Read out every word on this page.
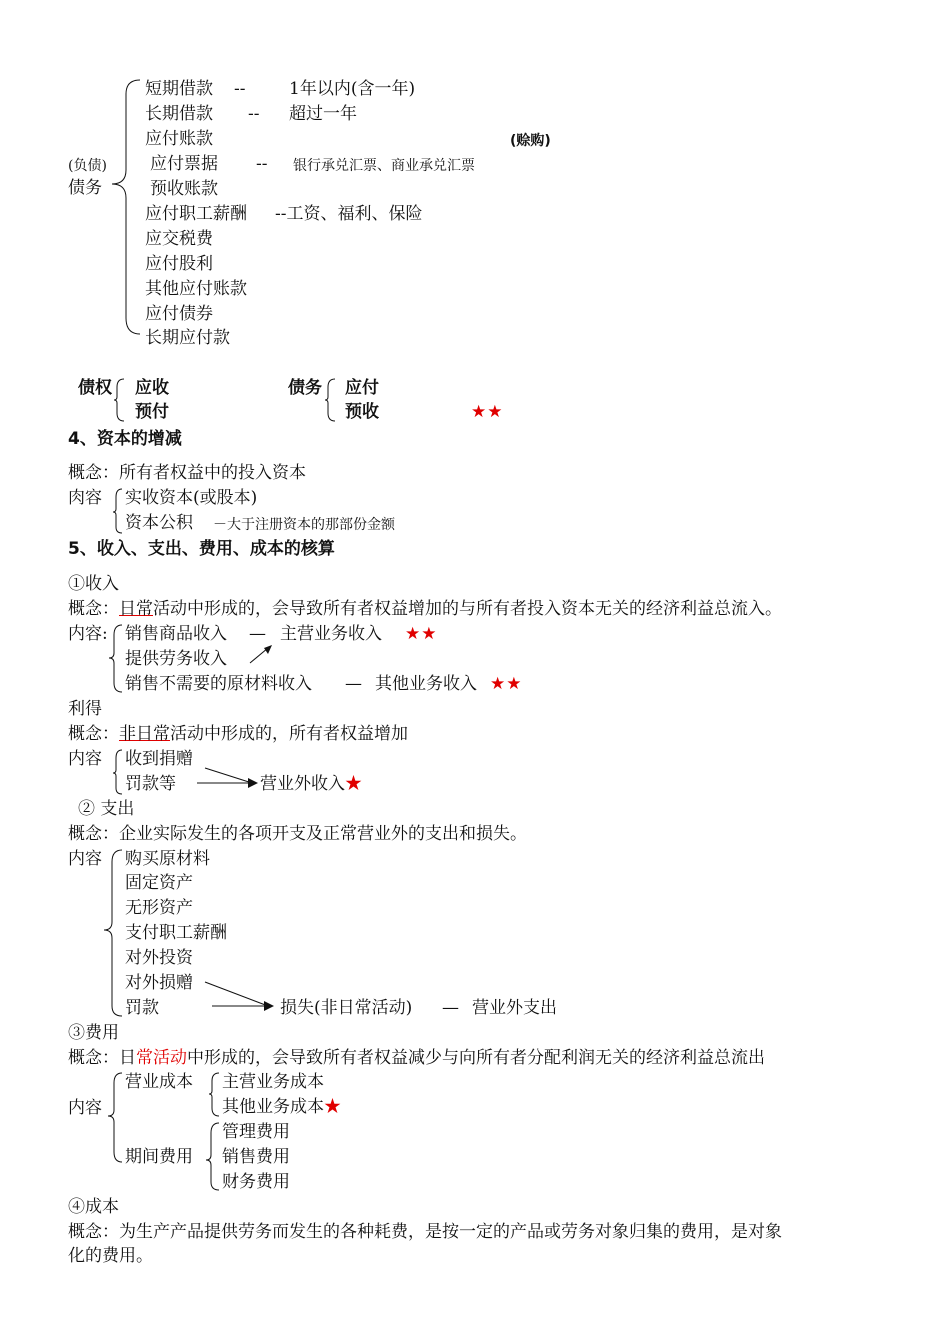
(负债)
债务
短期借款 --	1年以内(含一年)
长期借款 -- 超过一年
应付账款	(赊购)
应付票据 -- 银行承兑汇票、商业承兑汇票
预收账款
应付职工薪酬 --工资、福利、保险
应交税费
应付股利
其他应付账款
应付债券
长期应付款
债权 应收
预付
债务 应付
预收	★★
4、资本的增减
概念：所有者权益中的投入资本
肉容 实收资本(或股本)
资本公积 －大于注册资本的那部份金额
5、收入、支出、费用、成本的核算
①收入
概念：日常活动中形成的，会导致所有者权益增加的与所有者投入资本无关的经济利益总流入。
内容: 销售商品收入 — 主营业务收入 ★★
提供劳务收入
销售不需要的原材料收入 — 其他业务收入 ★★
利得
概念：非日常活动中形成的，所有者权益增加
内容 收到捐赠
罚款等	营业外收入★
② 支出
概念：企业实际发生的各项开支及正常营业外的支出和损失。
内容 购买原材料
固定资产
无形资产
支付职工薪酬
对外投资
对外损赠
罚款	损失(非日常活动) — 营业外支出
③费用
概念：日常活动中形成的，会导致所有者权益减少与向所有者分配利润无关的经济利益总流出
内容
营业成本 主营业务成本
其他业务成本★
期间费用
管理费用
销售费用
财务费用
④成本
概念：为生产产品提供劳务而发生的各种耗费，是按一定的产品或劳务对象归集的费用，是对象
化的费用。
